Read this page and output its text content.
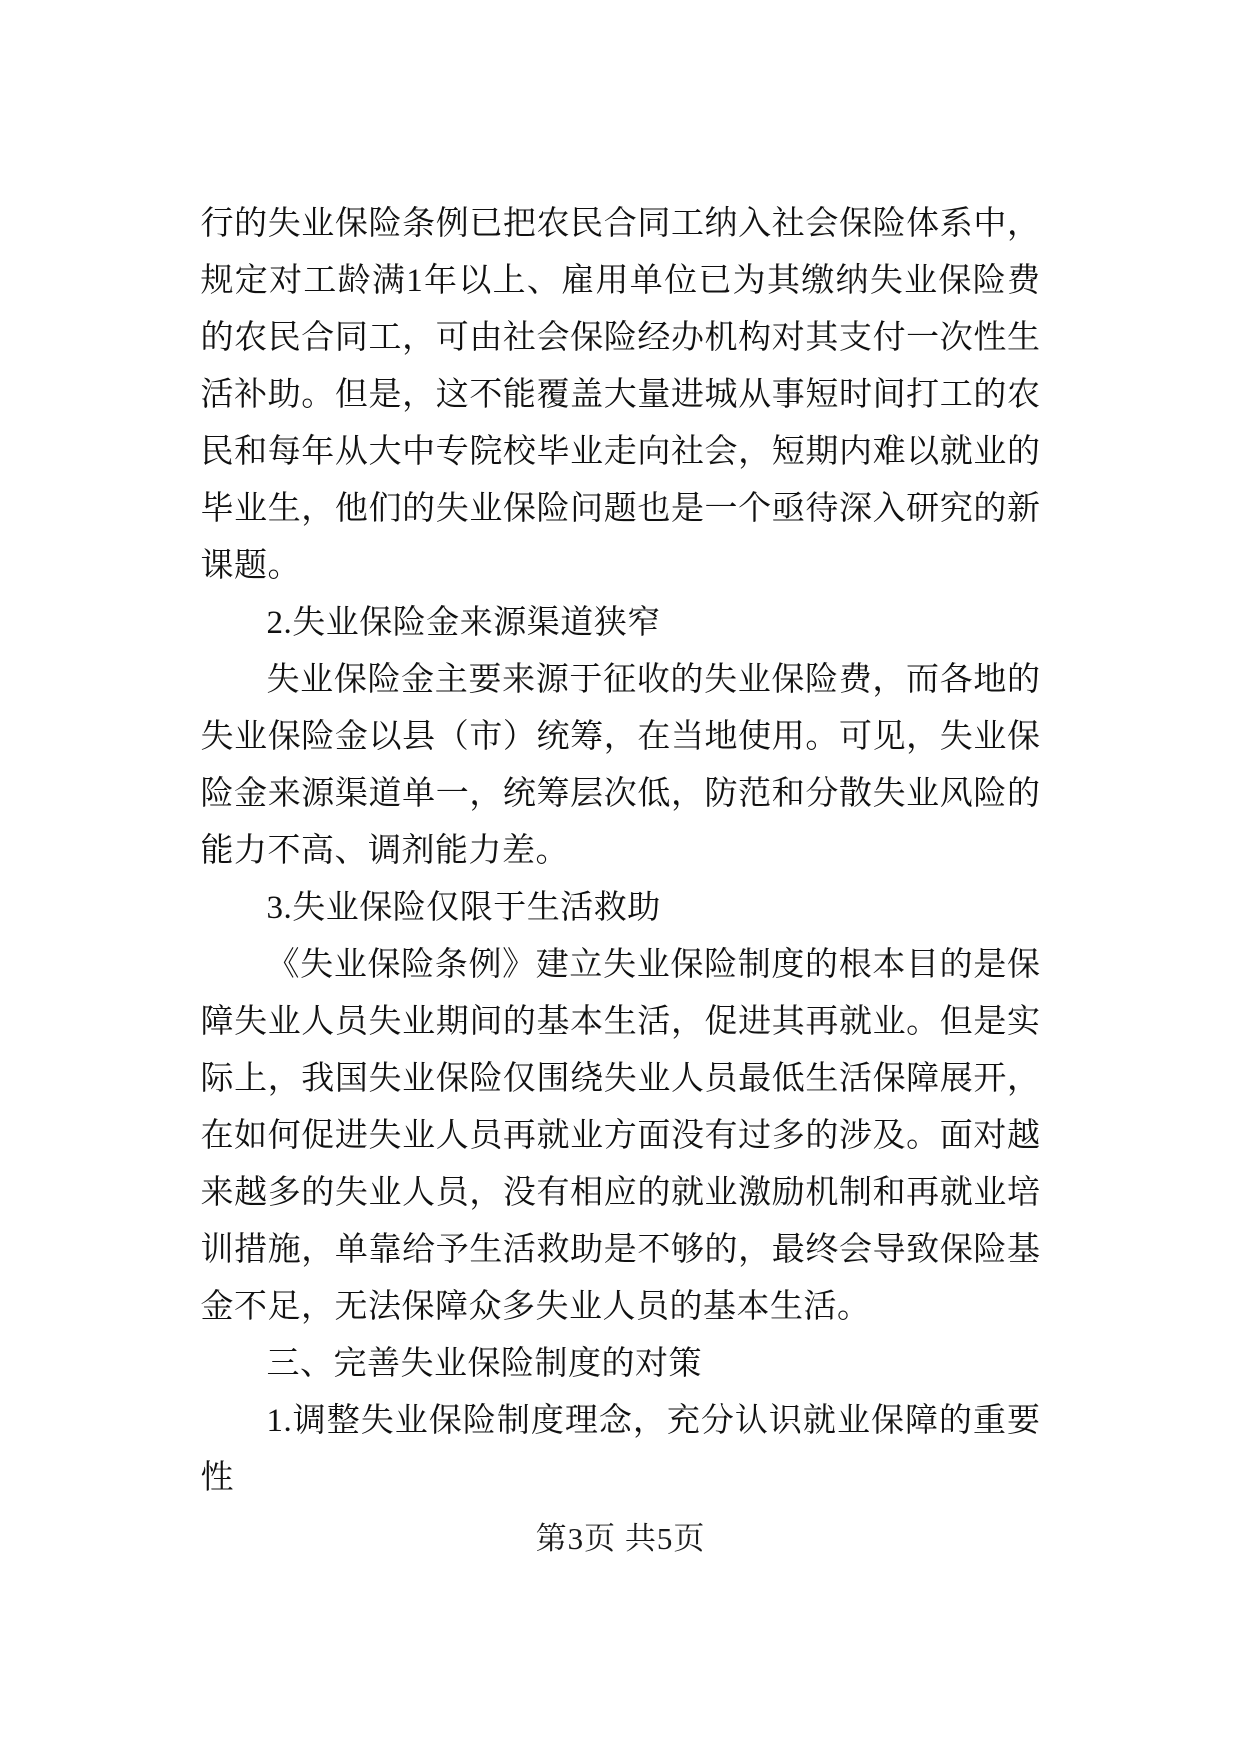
行的失业保险条例已把农民合同工纳入社会保险体系中，规定对工龄满1年以上、雇用单位已为其缴纳失业保险费的农民合同工，可由社会保险经办机构对其支付一次性生活补助。但是，这不能覆盖大量进城从事短时间打工的农民和每年从大中专院校毕业走向社会，短期内难以就业的毕业生，他们的失业保险问题也是一个亟待深入研究的新课题。

2.失业保险金来源渠道狭窄

失业保险金主要来源于征收的失业保险费，而各地的失业保险金以县（市）统筹，在当地使用。可见，失业保险金来源渠道单一，统筹层次低，防范和分散失业风险的能力不高、调剂能力差。

3.失业保险仅限于生活救助

《失业保险条例》建立失业保险制度的根本目的是保障失业人员失业期间的基本生活，促进其再就业。但是实际上，我国失业保险仅围绕失业人员最低生活保障展开，在如何促进失业人员再就业方面没有过多的涉及。面对越来越多的失业人员，没有相应的就业激励机制和再就业培训措施，单靠给予生活救助是不够的，最终会导致保险基金不足，无法保障众多失业人员的基本生活。

三、完善失业保险制度的对策

1.调整失业保险制度理念，充分认识就业保障的重要性

第3页 共5页
